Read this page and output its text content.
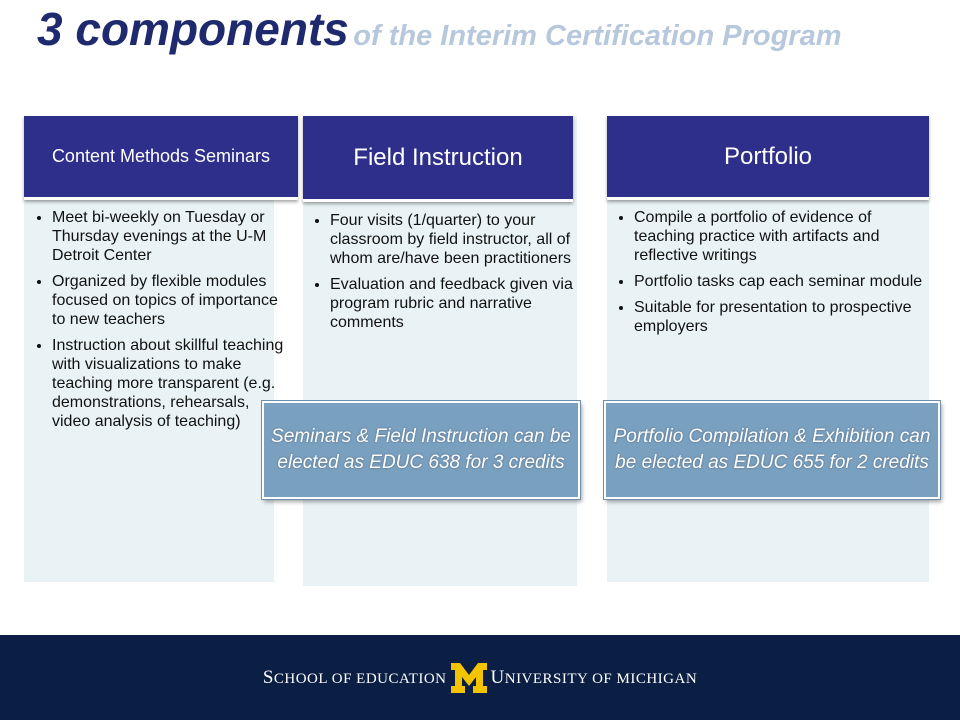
3 components of the Interim Certification Program
Content Methods Seminars
• Meet bi-weekly on Tuesday or Thursday evenings at the U-M Detroit Center
• Organized by flexible modules focused on topics of importance to new teachers
• Instruction about skillful teaching with visualizations to make teaching more transparent (e.g. demonstrations, rehearsals, video analysis of teaching)
Field Instruction
• Four visits (1/quarter) to your classroom by field instructor, all of whom are/have been practitioners
• Evaluation and feedback given via program rubric and narrative comments
Portfolio
• Compile a portfolio of evidence of teaching practice with artifacts and reflective writings
• Portfolio tasks cap each seminar module
• Suitable for presentation to prospective employers
Seminars & Field Instruction can be elected as EDUC 638 for 3 credits
Portfolio Compilation & Exhibition can be elected as EDUC 655 for 2 credits
SCHOOL OF EDUCATION	UNIVERSITY OF MICHIGAN
